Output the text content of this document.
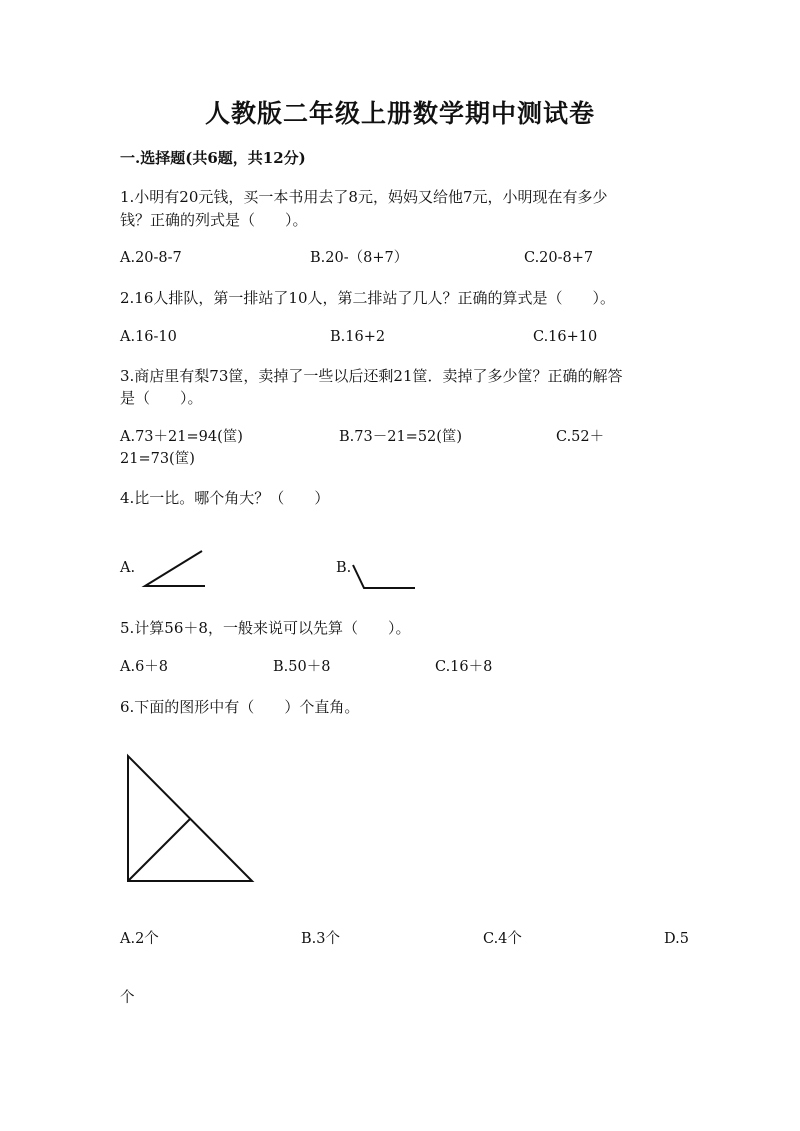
人教版二年级上册数学期中测试卷
一.选择题(共6题，共12分)
1.小明有20元钱，买一本书用去了8元，妈妈又给他7元，小明现在有多少
钱？正确的列式是（　　）。
A.20-8-7	B.20-（8+7）	C.20-8+7
2.16人排队，第一排站了10人，第二排站了几人？正确的算式是（　　）。
A.16-10	B.16+2	C.16+10
3.商店里有梨73筐，卖掉了一些以后还剩21筐．卖掉了多少筐？正确的解答
是（　　）。
A.73＋21=94(筐)	B.73－21=52(筐)	C.52＋
21=73(筐)
4.比一比。哪个角大？（　　）
A.	B.
5.计算56＋8，一般来说可以先算（　　）。
A.6＋8	B.50＋8	C.16＋8
6.下面的图形中有（　　）个直角。
A.2个	B.3个	C.4个	D.5
个
